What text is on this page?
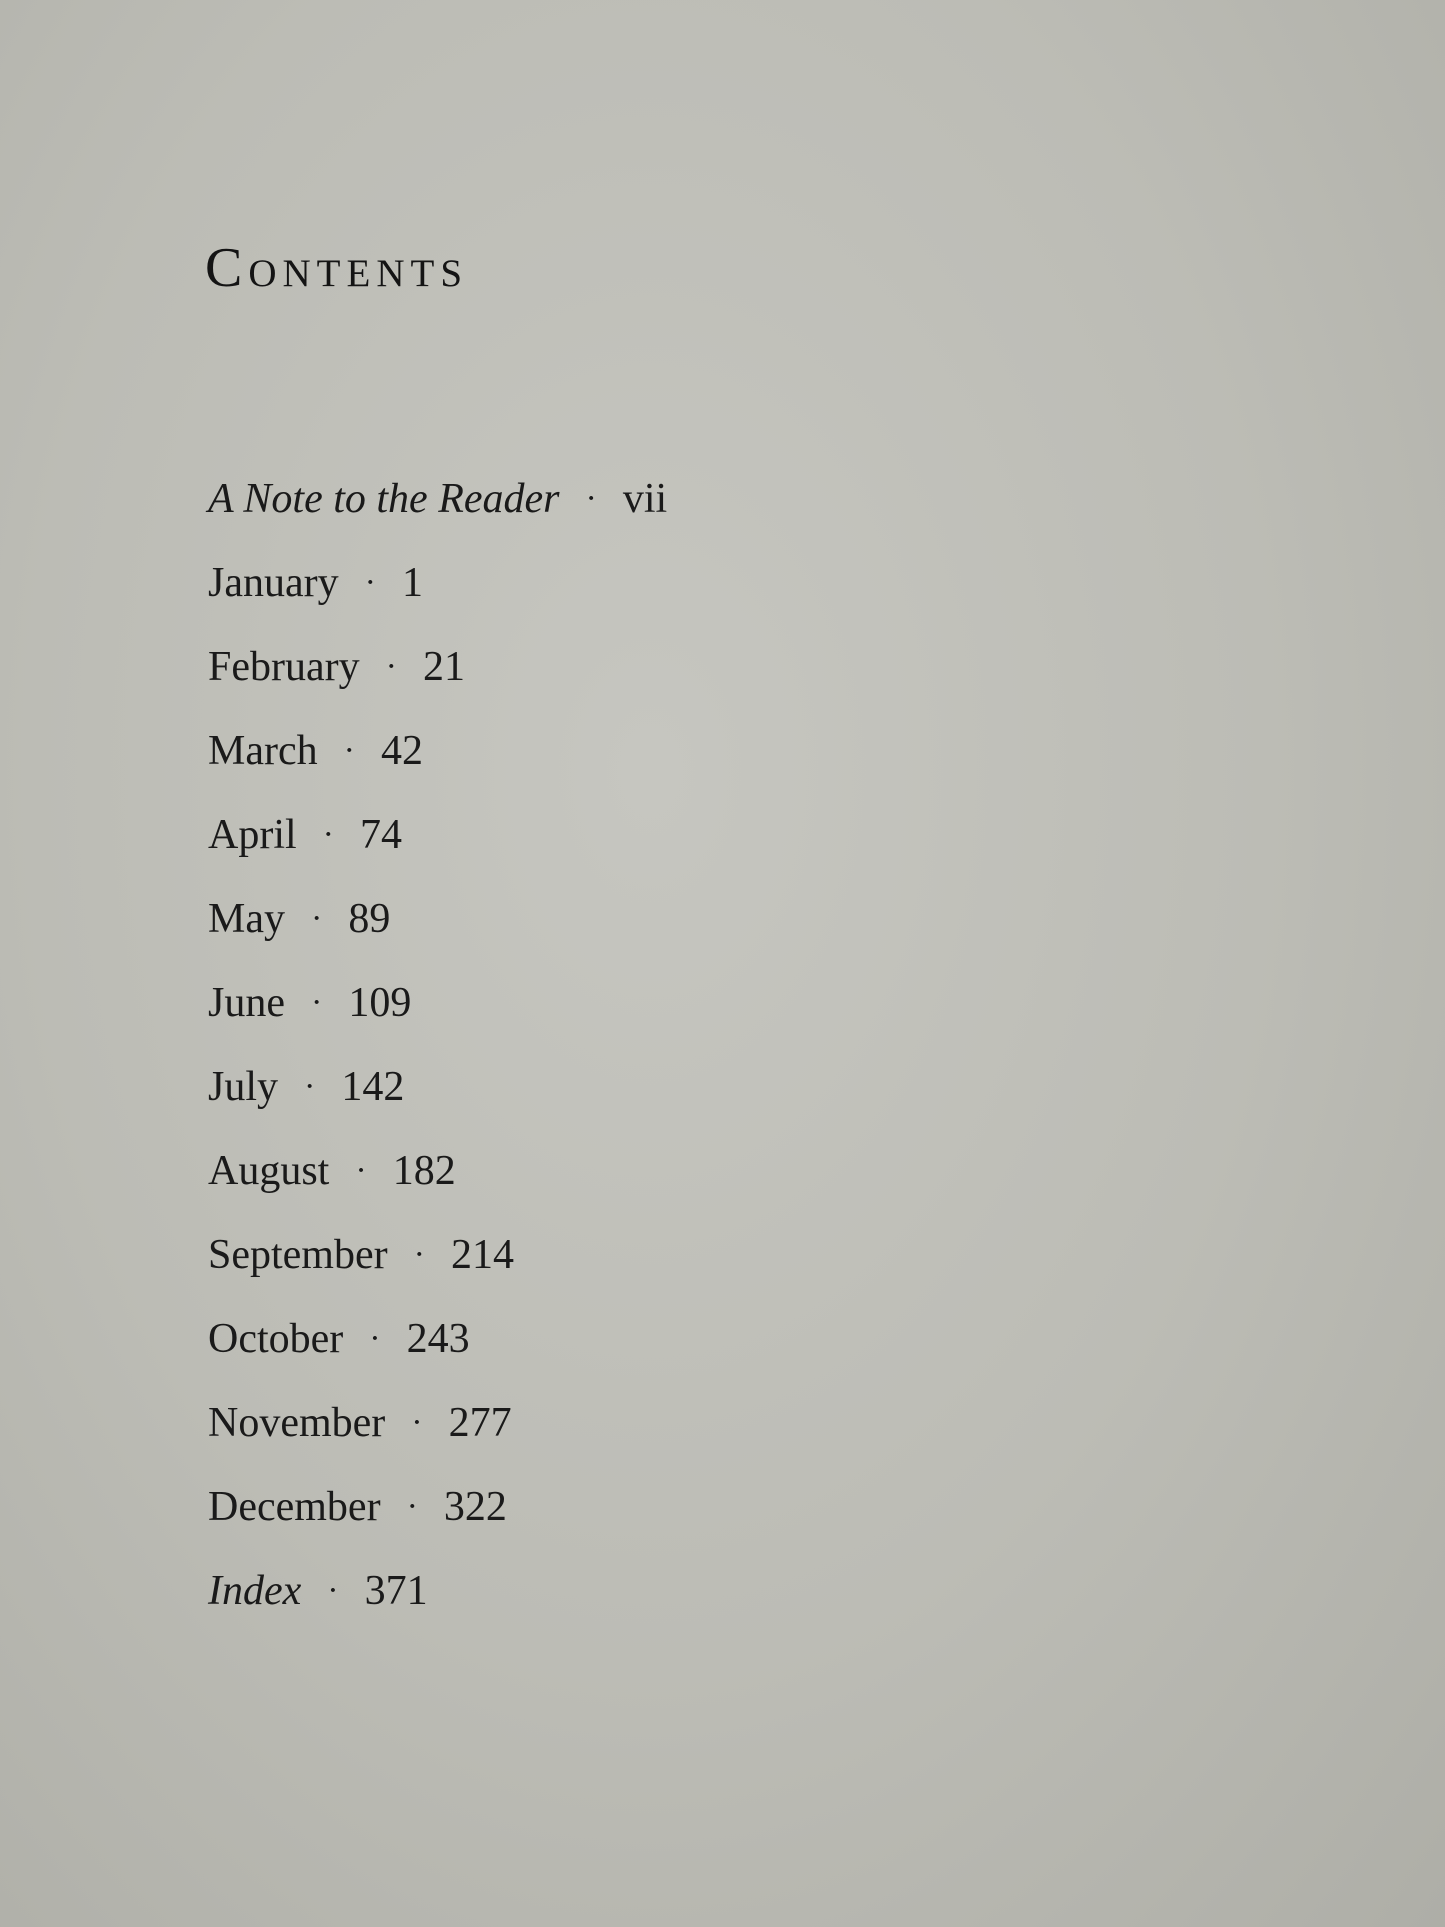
Contents
A Note to the Reader · vii
January · 1
February · 21
March · 42
April · 74
May · 89
June · 109
July · 142
August · 182
September · 214
October · 243
November · 277
December · 322
Index · 371
